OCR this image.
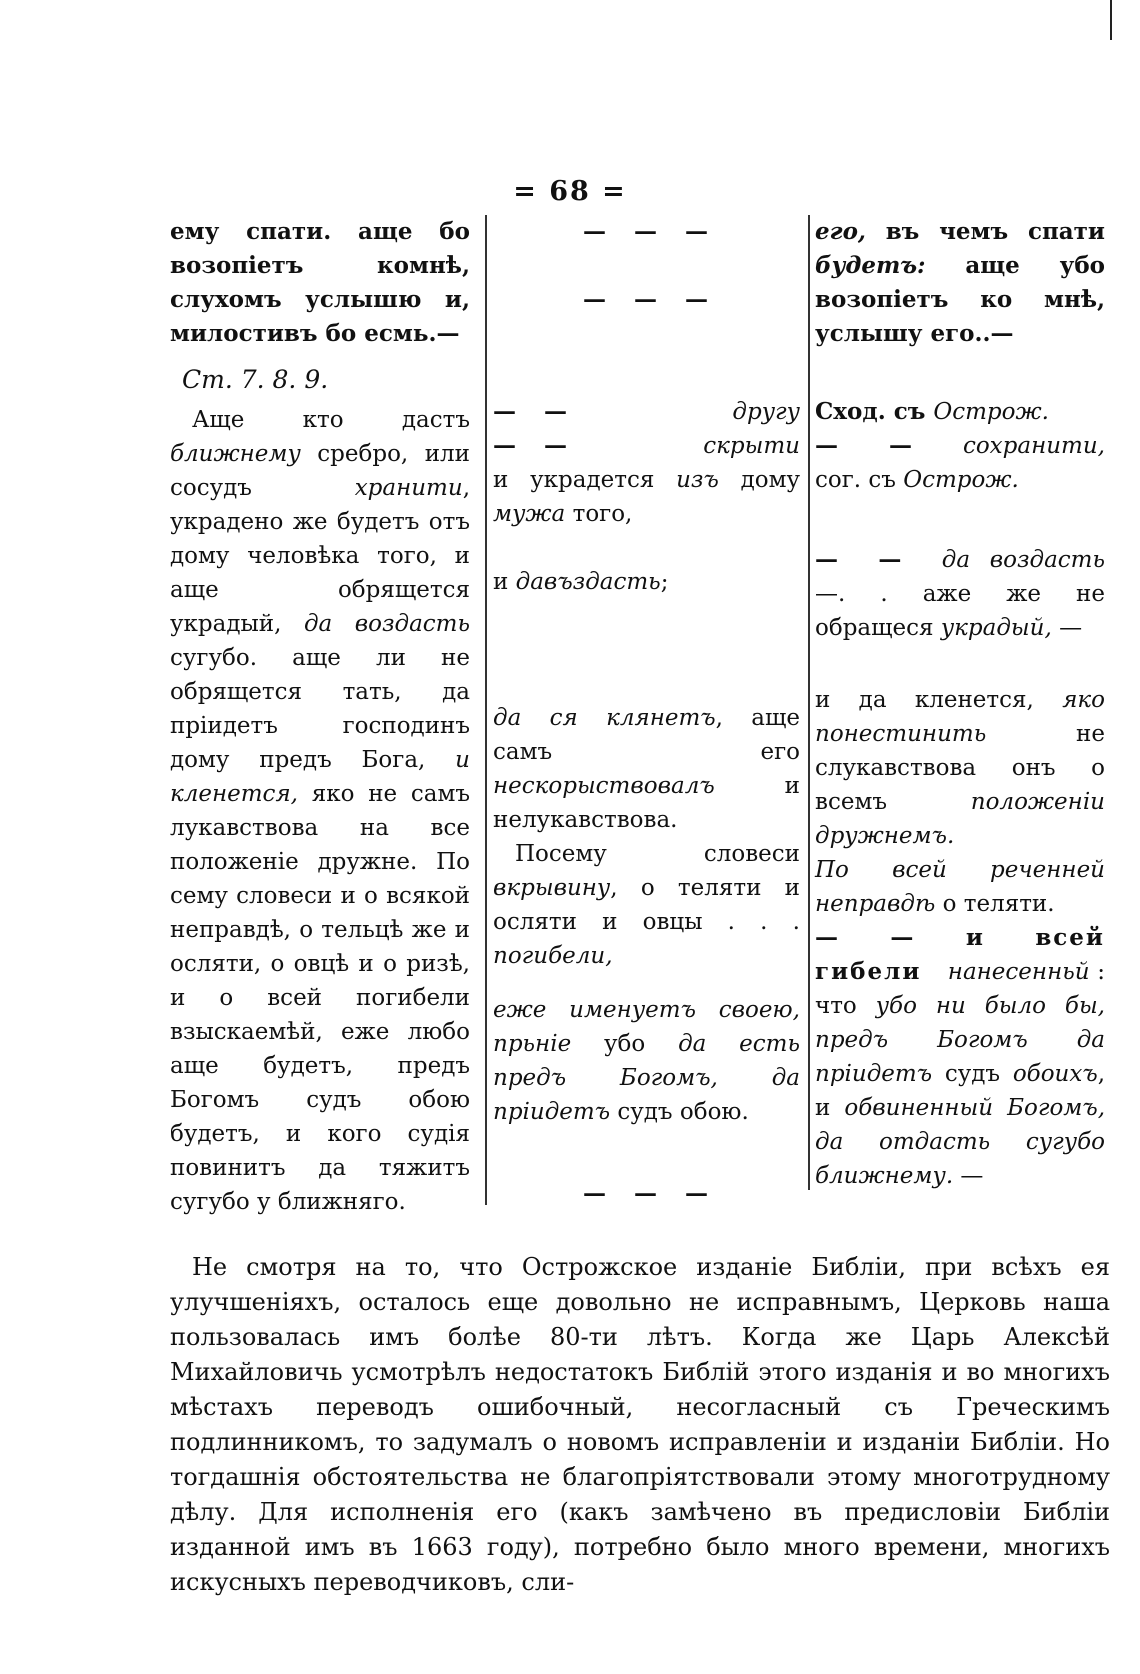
= 68 =

ему спати. аще бо возопіетъ комнѣ, слухомъ услышю и, милостивъ бо есмь.—

Ст. 7. 8. 9.

Аще кто дастъ ближнему сребро, или сосудъ хранити, украдено же будетъ отъ дому человѣка того, и аще обрящется украдый, да воздасть сугубо. аще ли не обрящется тать, да пріидетъ господинъ дому предъ Бога, и кленется, яко не самъ лукавствова на все положеніе дружне. По сему словеси и о всякой неправдѣ, о тельцѣ же и осляти, о овцѣ и о ризѣ, и о всей погибели взыскаемѣй, еже любо аще будетъ, предъ Богомъ судъ обою будетъ, и кого судія повинитъ да тяжитъ сугубо у ближняго.

— — —

— — —

— —	другу

— —	скрыти

и украдется изъ дому мужа того,

и давъздасть;

да ся клянетъ, аще самъ его нескорыствовалъ и нелукавствова.

Посему словеси вкрывину, о теляти и осляти и овцы . . . погибели,

еже именуетъ своею, прьніе убо да есть предъ Богомъ, да пріидетъ судъ обою.

— — —

его, въ чемъ спати будетъ: аще убо возопіетъ ко мнѣ, услышу его..—

Сход. съ Острож.

— — сохранити, сог. съ Острож.

— — да воздасть —. . аже же не обращеся украдый, —

и да кленется, яко понестинить не слукавствова онъ о всемъ положенiи дружнемъ.

По всей реченней неправдѣ о теляти.

— — и всей гибели нанесенньй : что убо ни было бы, предъ Богомъ да пріидетъ судъ обоихъ, и обвиненный Богомъ, да отдасть сугубо ближнему. —

Не смотря на то, что Острожское изданіе Библіи, при всѣхъ ея улучшеніяхъ, осталось еще довольно не исправнымъ, Церковь наша пользовалась имъ болѣе 80-ти лѣтъ. Когда же Царь Алексѣй Михайловичь усмотрѣлъ недостатокъ Библій этого изданія и во многихъ мѣстахъ переводъ ошибочный, несогласный съ Греческимъ подлинникомъ, то задумалъ о новомъ исправленіи и изданіи Библіи. Но тогдашнія обстоятельства не благопріятствовали этому многотрудному дѣлу. Для исполненія его (какъ замѣчено въ предисловіи Библіи изданной имъ въ 1663 году), потребно было много времени, многихъ искусныхъ переводчиковъ, сли-
